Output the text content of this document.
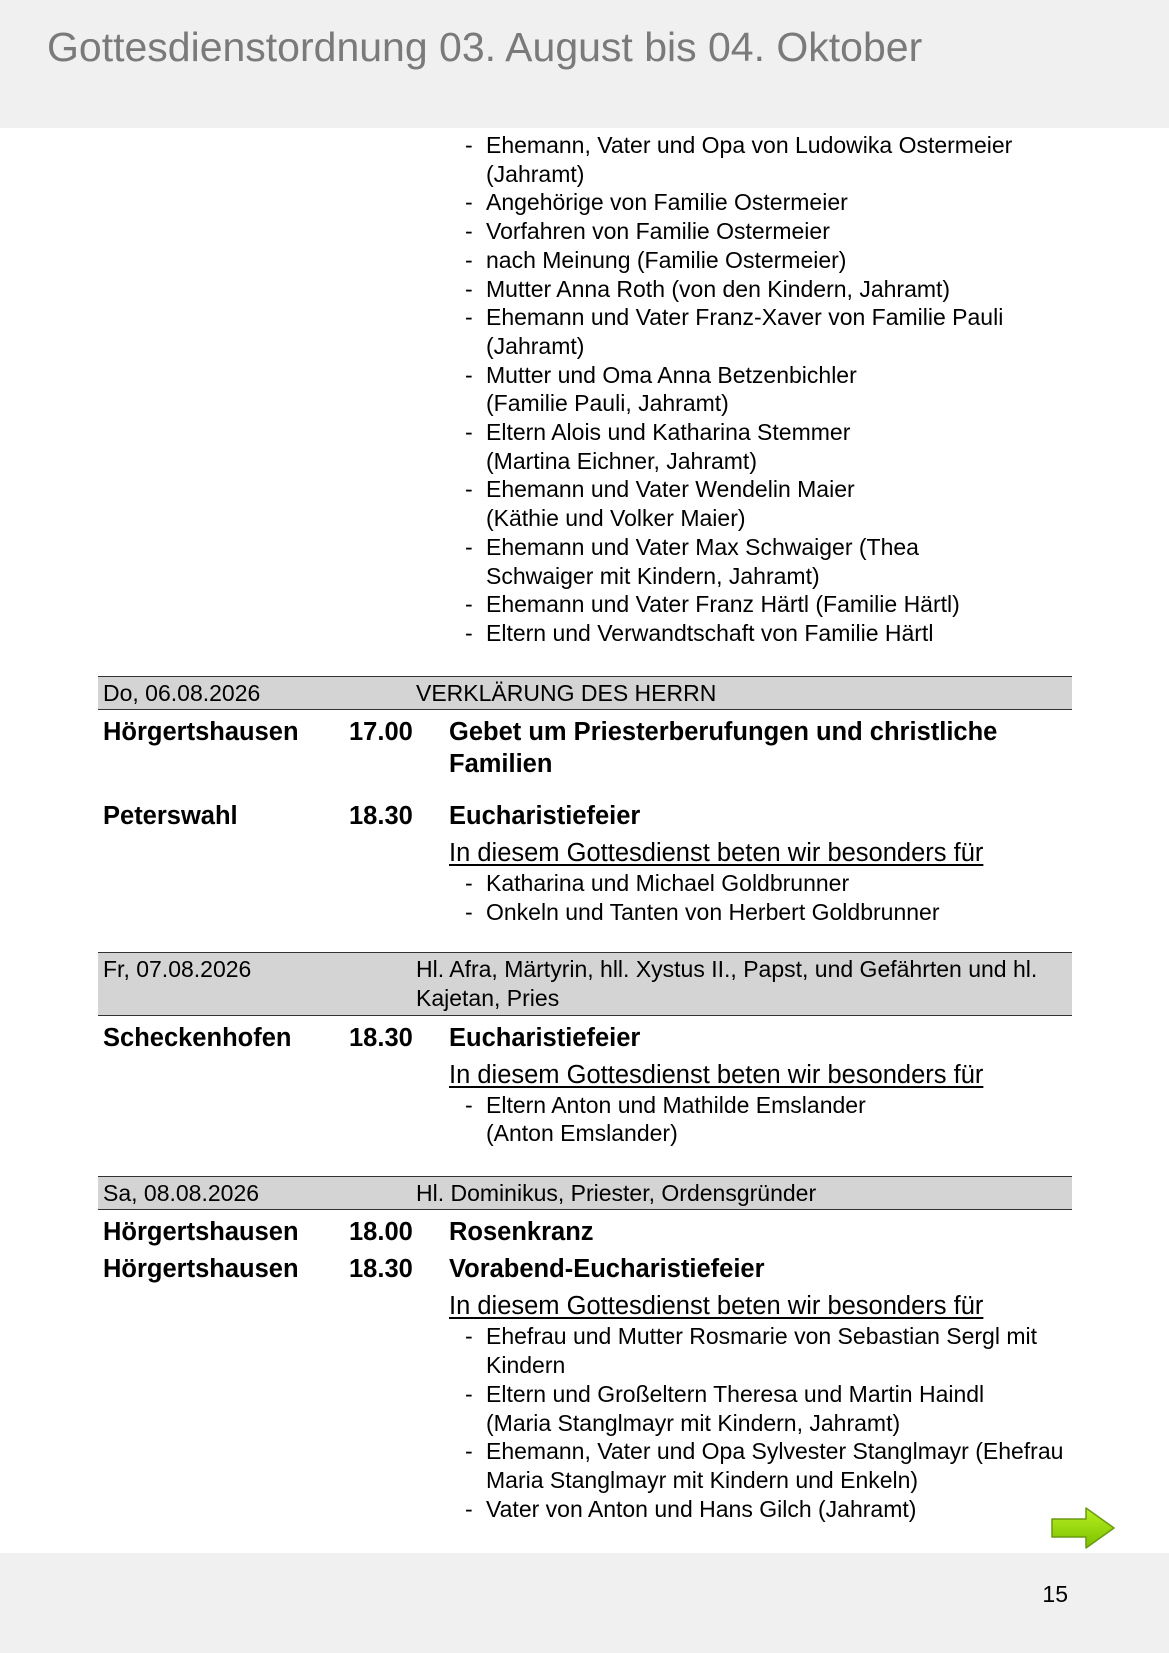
Gottesdienstordnung 03. August bis 04. Oktober
- Ehemann, Vater und Opa von Ludowika Ostermeier (Jahramt)
- Angehörige von Familie Ostermeier
- Vorfahren von Familie Ostermeier
- nach Meinung (Familie Ostermeier)
- Mutter Anna Roth (von den Kindern, Jahramt)
- Ehemann und Vater Franz-Xaver von Familie Pauli (Jahramt)
- Mutter und Oma Anna Betzenbichler (Familie Pauli, Jahramt)
- Eltern Alois und Katharina Stemmer (Martina Eichner, Jahramt)
- Ehemann und Vater Wendelin Maier (Käthie und Volker Maier)
- Ehemann und Vater Max Schwaiger (Thea Schwaiger mit Kindern, Jahramt)
- Ehemann und Vater Franz Härtl (Familie Härtl)
- Eltern und Verwandtschaft von Familie Härtl
Do, 06.08.2026	VERKLÄRUNG DES HERRN
Hörgertshausen	17.00	Gebet um Priesterberufungen und christliche Familien
Peterswahl	18.30	Eucharistiefeier
In diesem Gottesdienst beten wir besonders für
- Katharina und Michael Goldbrunner
- Onkeln und Tanten von Herbert Goldbrunner
Fr, 07.08.2026	Hl. Afra, Märtyrin, hll. Xystus II., Papst, und Gefährten und hl. Kajetan, Pries
Scheckenhofen	18.30	Eucharistiefeier
In diesem Gottesdienst beten wir besonders für
- Eltern Anton und Mathilde Emslander (Anton Emslander)
Sa, 08.08.2026	Hl. Dominikus, Priester, Ordensgründer
Hörgertshausen	18.00	Rosenkranz
Hörgertshausen	18.30	Vorabend-Eucharistiefeier
In diesem Gottesdienst beten wir besonders für
- Ehefrau und Mutter Rosmarie von Sebastian Sergl mit Kindern
- Eltern und Großeltern Theresa und Martin Haindl (Maria Stanglmayr mit Kindern, Jahramt)
- Ehemann, Vater und Opa Sylvester Stanglmayr (Ehefrau Maria Stanglmayr mit Kindern und Enkeln)
- Vater von Anton und Hans Gilch (Jahramt)
15
